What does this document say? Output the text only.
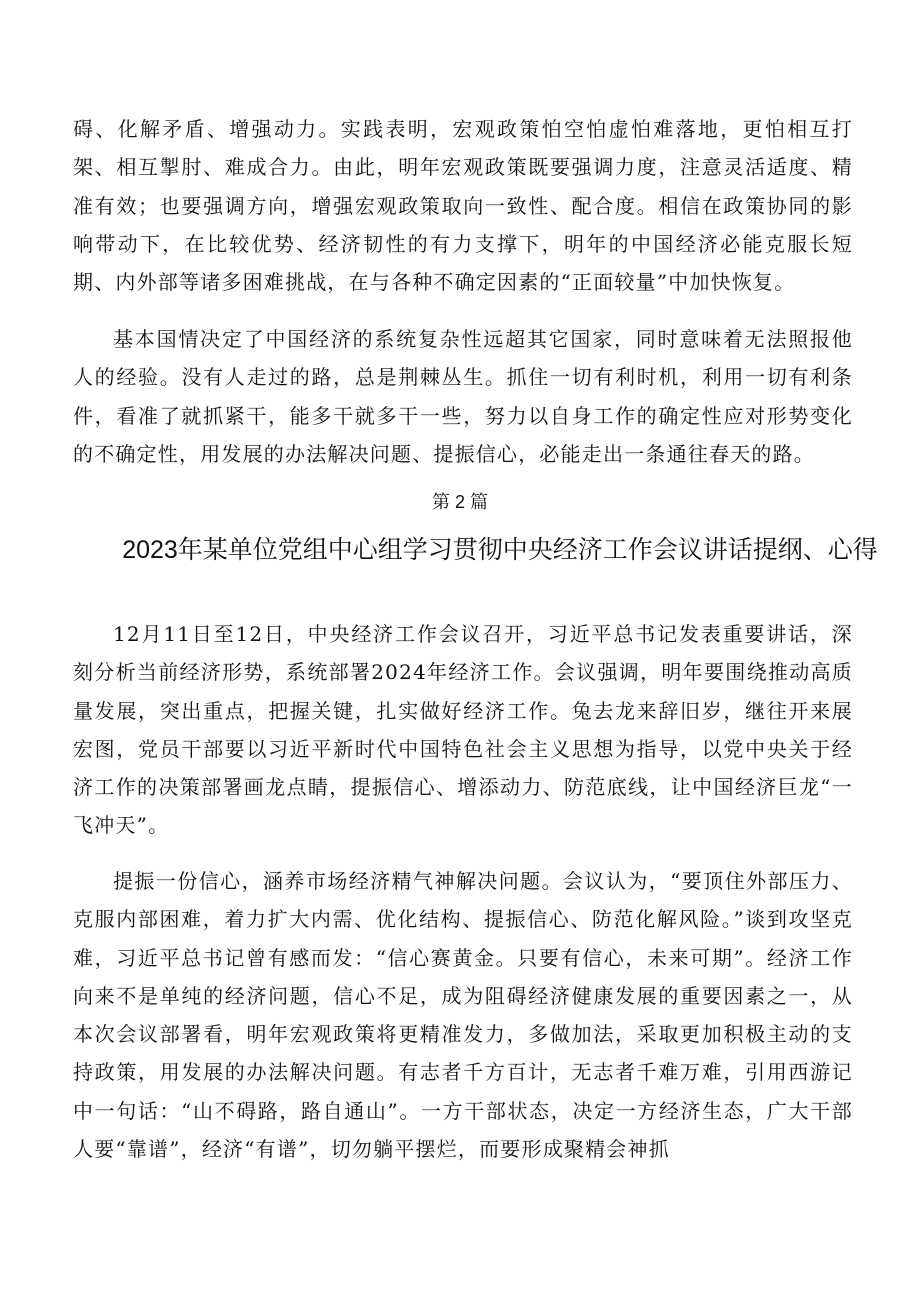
碍、化解矛盾、增强动力。实践表明，宏观政策怕空怕虚怕难落地，更怕相互打架、相互掣肘、难成合力。由此，明年宏观政策既要强调力度，注意灵活适度、精准有效；也要强调方向，增强宏观政策取向一致性、配合度。相信在政策协同的影响带动下，在比较优势、经济韧性的有力支撑下，明年的中国经济必能克服长短期、内外部等诸多困难挑战，在与各种不确定因素的“正面较量”中加快恢复。

基本国情决定了中国经济的系统复杂性远超其它国家，同时意味着无法照报他人的经验。没有人走过的路，总是荆棘丛生。抓住一切有利时机，利用一切有利条件，看准了就抓紧干，能多干就多干一些，努力以自身工作的确定性应对形势变化的不确定性，用发展的办法解决问题、提振信心，必能走出一条通往春天的路。

第 2 篇

2023年某单位党组中心组学习贯彻中央经济工作会议讲话提纲、心得

12月11日至12日，中央经济工作会议召开，习近平总书记发表重要讲话，深刻分析当前经济形势，系统部署2024年经济工作。会议强调，明年要围绕推动高质量发展，突出重点，把握关键，扎实做好经济工作。兔去龙来辞旧岁，继往开来展宏图，党员干部要以习近平新时代中国特色社会主义思想为指导，以党中央关于经济工作的决策部署画龙点睛，提振信心、增添动力、防范底线，让中国经济巨龙“一飞冲天”。

提振一份信心，涵养市场经济精气神解决问题。会议认为，“要顶住外部压力、克服内部困难，着力扩大内需、优化结构、提振信心、防范化解风险。”谈到攻坚克难，习近平总书记曾有感而发：“信心赛黄金。只要有信心，未来可期”。经济工作向来不是单纯的经济问题，信心不足，成为阻碍经济健康发展的重要因素之一，从本次会议部署看，明年宏观政策将更精准发力，多做加法，采取更加积极主动的支持政策，用发展的办法解决问题。有志者千方百计，无志者千难万难，引用西游记中一句话：“山不碍路，路自通山”。一方干部状态，决定一方经济生态，广大干部人要“靠谱”，经济“有谱”，切勿躺平摆烂，而要形成聚精会神抓
